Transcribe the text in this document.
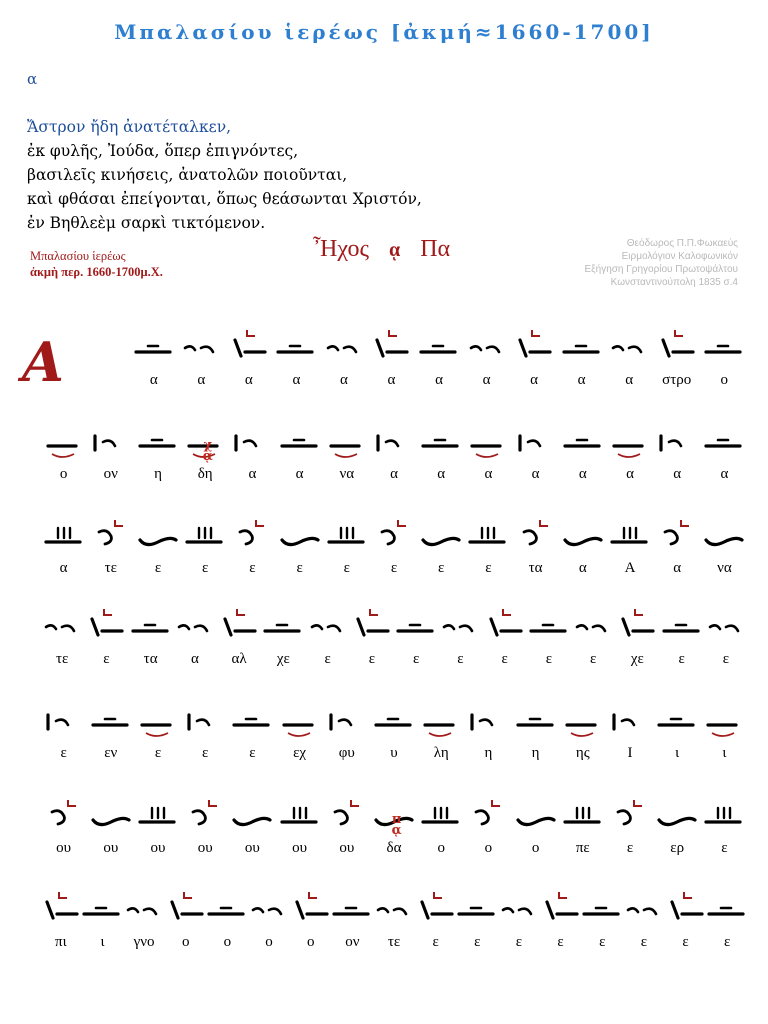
Μπαλασίου ἱερέως [ἀκμή≈1660-1700]
α
Ἄστρον ἤδη ἀνατέταλκεν,
ἐκ φυλῆς, Ἰούδα, ὅπερ ἐπιγνόντες,
βασιλεῖς κινήσεις, ἀνατολῶν ποιοῦνται,
καὶ φθάσαι ἐπείγονται, ὅπως θεάσωνται Χριστόν,
ἐν Βηθλεὲμ σαρκὶ τικτόμενον.
Μπαλασίου ἱερέως
ἀκμὴ περ. 1660-1700μ.Χ.
Ἦχος ᾳ Πα	Θεόδωρος Π.Π.Φωκαεύς
Ειρμολόγιον Καλοφωνικόν
Εξήγηση Γρηγορίου Πρωτοψάλτου
Κωνσταντινούπολη 1835 σ.4
Α	α	α	α	α	α	α	α	α	α	α	α στρο ο
ο ον η δη α	α να α	α	α	α	α	α	α	α
χ
ᾳ
α τε	ε	ε	ε	ε	ε	ε	ε	ε τα α	Α	α να
τε ε τα α αλ χε ε	ε	ε	ε	ε	ε	ε χε ε	ε
ε	εν	ε	ε	ε	εχ φυ υ λη η	η ης	Ι	ι	ι
ου ου ου ου ου ου ου δα ο	ο	ο πε ε ερ ε
π
ᾳ
πι ι γνο ο ο ο ο ον τε ε ε ε ε ε ε ε ε
